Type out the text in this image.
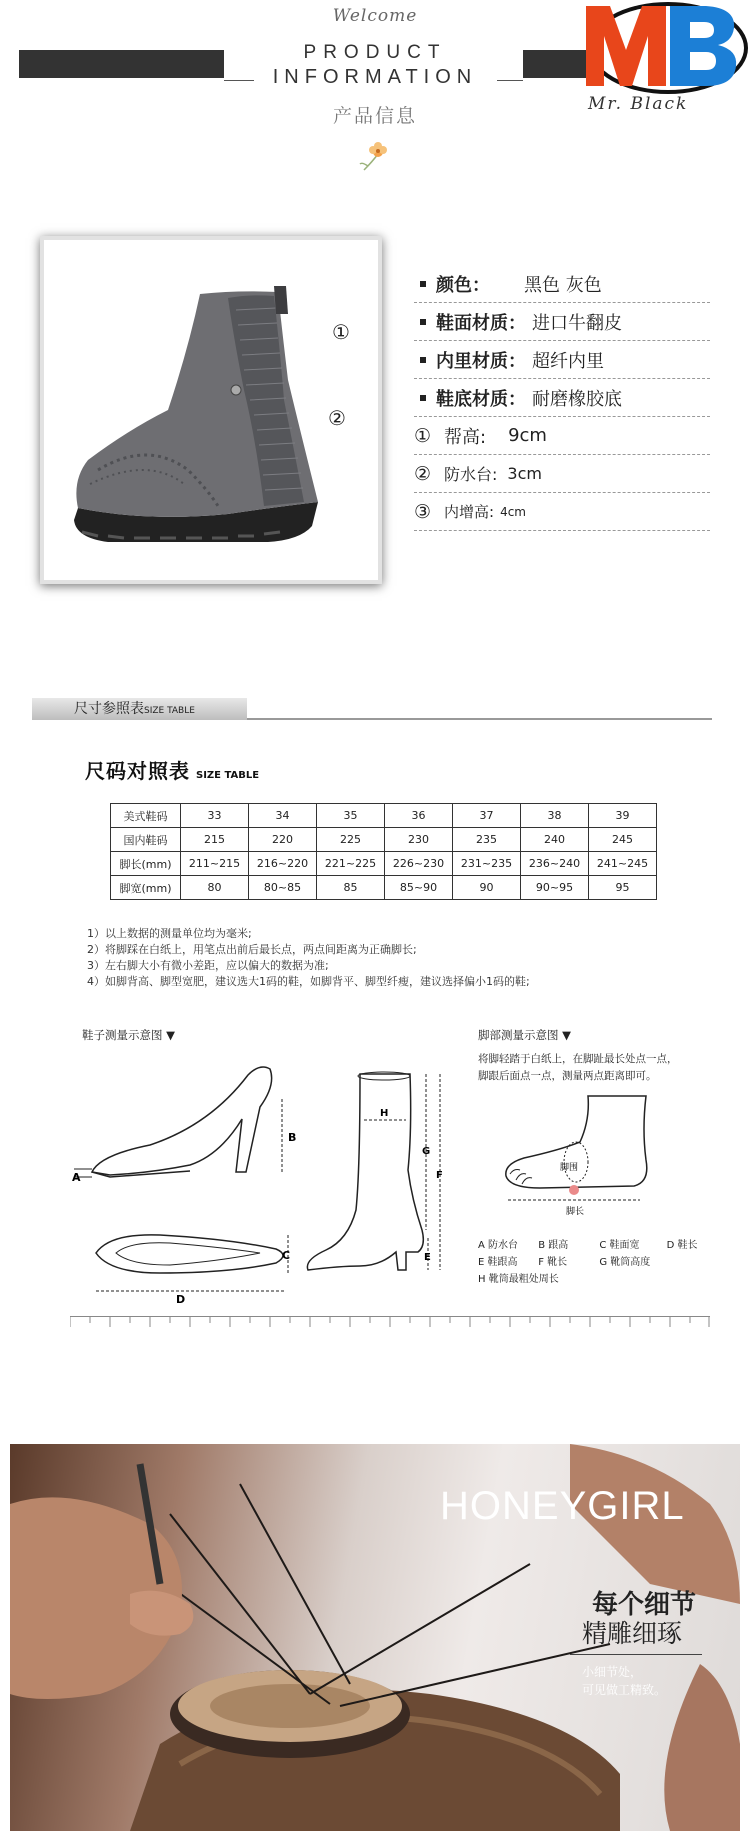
Welcome
PRODUCT
INFORMATION
产品信息
Mr. Black
①
②
颜色： 黑色 灰色
鞋面材质： 进口牛翻皮
内里材质： 超纤内里
鞋底材质： 耐磨橡胶底
① 帮高: 9cm
② 防水台: 3cm
③ 内增高: 4cm
尺寸参照表SIZE TABLE
尺码对照表 SIZE TABLE
美式鞋码	33	34	35	36	37	38	39
国内鞋码	215	220	225	230	235	240	245
脚长(mm)	211~215	216~220	221~225	226~230	231~235	236~240	241~245
脚宽(mm)	80	80~85	85	85~90	90	90~95	95
1）以上数据的测量单位均为毫米;
2）将脚踩在白纸上，用笔点出前后最长点，两点间距离为正确脚长;
3）左右脚大小有微小差距，应以偏大的数据为准;
4）如脚背高、脚型宽肥，建议选大1码的鞋，如脚背平、脚型纤瘦，建议选择偏小1码的鞋;
鞋子测量示意图 ▼	脚部测量示意图 ▼
将脚轻踏于白纸上，在脚趾最长处点一点，
脚跟后面点一点，测量两点距离即可。
B
A
C
D
H
G
F
E
脚围
脚长
A 防水台 B 跟高	C 鞋面宽	D 鞋长
E 鞋跟高 F 靴长	G 靴筒高度
H 靴筒最粗处周长
HONEYGIRL
每个细节
精雕细琢
小细节处，
可见做工精致。
